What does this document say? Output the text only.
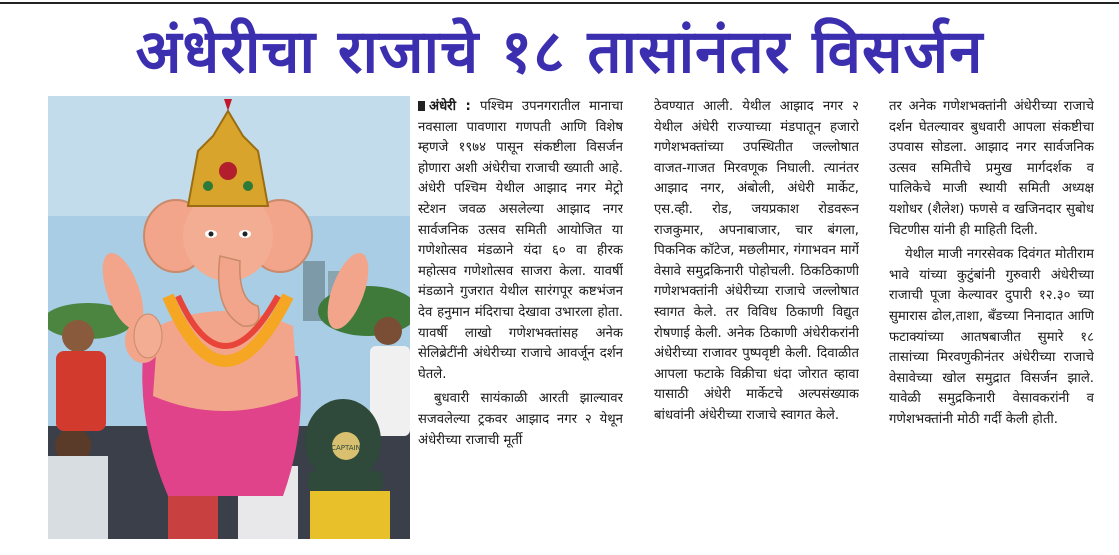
अंधेरीचा राजाचे १८ तासांनंतर विसर्जन
CAPTAIN

अंधेरी : पश्चिम उपनगरातील मानाचा नवसाला पावणारा गणपती आणि विशेष म्हणजे १९७४ पासून संकष्टीला विसर्जन होणारा अशी अंधेरीचा राजाची ख्याती आहे. अंधेरी पश्चिम येथील आझाद नगर मेट्रो स्टेशन जवळ असलेल्या आझाद नगर सार्वजनिक उत्सव समिती आयोजित या गणेशोत्सव मंडळाने यंदा ६० वा हीरक महोत्सव गणेशोत्सव साजरा केला. यावर्षी मंडळाने गुजरात येथील सारंगपूर कष्टभंजन देव हनुमान मंदिराचा देखावा उभारला होता. यावर्षी लाखो गणेशभक्तांसह अनेक सेलिब्रेटींनी अंधेरीच्या राजाचे आवर्जून दर्शन घेतले.

बुधवारी सायंकाळी आरती झाल्यावर सजवलेल्या ट्रकवर आझाद नगर २ येथून अंधेरीच्या राजाची मूर्ती

ठेवण्यात आली. येथील आझाद नगर २ येथील अंधेरी राज्याच्या मंडपातून हजारो गणेशभक्तांच्या उपस्थितीत जल्लोषात वाजत-गाजत मिरवणूक निघाली. त्यानंतर आझाद नगर, अंबोली, अंधेरी मार्केट, एस.व्ही. रोड, जयप्रकाश रोडवरून राजकुमार, अपनाबाजार, चार बंगला, पिकनिक कॉटेज, मछलीमार, गंगाभवन मार्गे वेसावे समुद्रकिनारी पोहोचली. ठिकठिकाणी गणेशभक्तांनी अंधेरीच्या राजाचे जल्लोषात स्वागत केले. तर विविध ठिकाणी विद्युत रोषणाई केली. अनेक ठिकाणी अंधेरीकरांनी अंधेरीच्या राजावर पुष्पवृष्टी केली. दिवाळीत आपला फटाके विक्रीचा धंदा जोरात व्हावा यासाठी अंधेरी मार्केटचे अल्पसंख्याक बांधवांनी अंधेरीच्या राजाचे स्वागत केले.

तर अनेक गणेशभक्तांनी अंधेरीच्या राजाचे दर्शन घेतल्यावर बुधवारी आपला संकष्टीचा उपवास सोडला. आझाद नगर सार्वजनिक उत्सव समितीचे प्रमुख मार्गदर्शक व पालिकेचे माजी स्थायी समिती अध्यक्ष यशोधर (शैलेश) फणसे व खजिनदार सुबोध चिटणीस यांनी ही माहिती दिली.

येथील माजी नगरसेवक दिवंगत मोतीराम भावे यांच्या कुटुंबांनी गुरुवारी अंधेरीच्या राजाची पूजा केल्यावर दुपारी १२.३० च्या सुमारास ढोल,ताशा, बँडच्या निनादात आणि फटाक्यांच्या आतषबाजीत सुमारे १८ तासांच्या मिरवणुकीनंतर अंधेरीच्या राजाचे वेसावेच्या खोल समुद्रात विसर्जन झाले. यावेळी समुद्रकिनारी वेसावकरांनी व गणेशभक्तांनी मोठी गर्दी केली होती.
